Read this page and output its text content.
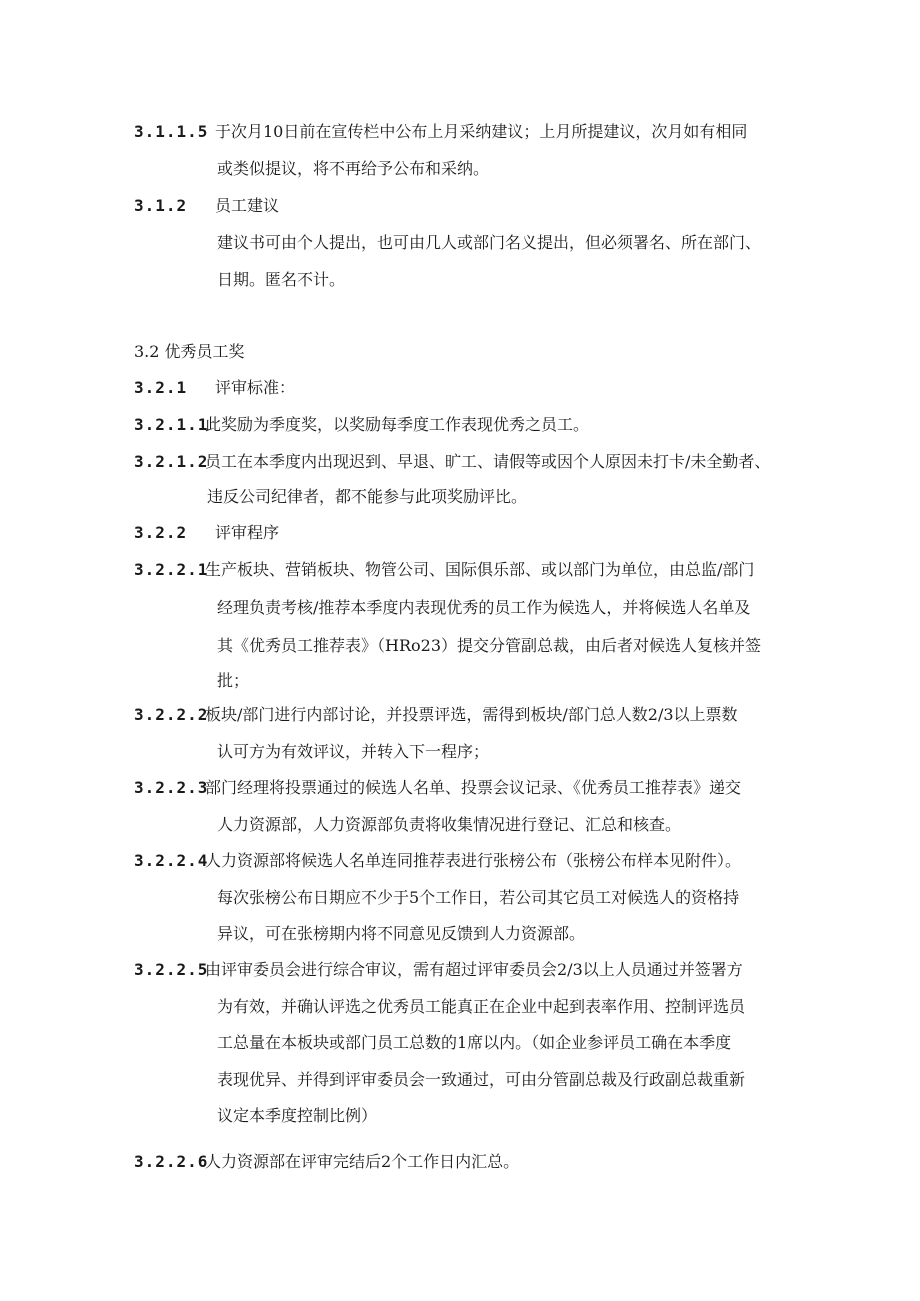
3.1.1.5 于次月10日前在宣传栏中公布上月采纳建议；上月所提建议，次月如有相同
或类似提议，将不再给予公布和采纳。
3.1.2 员工建议
建议书可由个人提出，也可由几人或部门名义提出，但必须署名、所在部门、
日期。匿名不计。
3.2 优秀员工奖
3.2.1 评审标准：
3.2.1.1
此奖励为季度奖，以奖励每季度工作表现优秀之员工。
3.2.1.2
员工在本季度内出现迟到、早退、旷工、请假等或因个人原因未打卡/未全勤者、
违反公司纪律者，都不能参与此项奖励评比。
3.2.2 评审程序
3.2.2.1
生产板块、营销板块、物管公司、国际俱乐部、或以部门为单位，由总监/部门
经理负责考核/推荐本季度内表现优秀的员工作为候选人，并将候选人名单及
其《优秀员工推荐表》（HRo23）提交分管副总裁，由后者对候选人复核并签
批；
3.2.2.2
板块/部门进行内部讨论，并投票评选，需得到板块/部门总人数2/3以上票数
认可方为有效评议，并转入下一程序；
3.2.2.3
部门经理将投票通过的候选人名单、投票会议记录、《优秀员工推荐表》递交
人力资源部，人力资源部负责将收集情况进行登记、汇总和核查。
3.2.2.4
人力资源部将候选人名单连同推荐表进行张榜公布（张榜公布样本见附件）。
每次张榜公布日期应不少于5个工作日，若公司其它员工对候选人的资格持
异议，可在张榜期内将不同意见反馈到人力资源部。
3.2.2.5
由评审委员会进行综合审议，需有超过评审委员会2/3以上人员通过并签署方
为有效，并确认评选之优秀员工能真正在企业中起到表率作用、控制评选员
工总量在本板块或部门员工总数的1席以内。（如企业参评员工确在本季度
表现优异、并得到评审委员会一致通过，可由分管副总裁及行政副总裁重新
议定本季度控制比例）
3.2.2.6
人力资源部在评审完结后2个工作日内汇总。
